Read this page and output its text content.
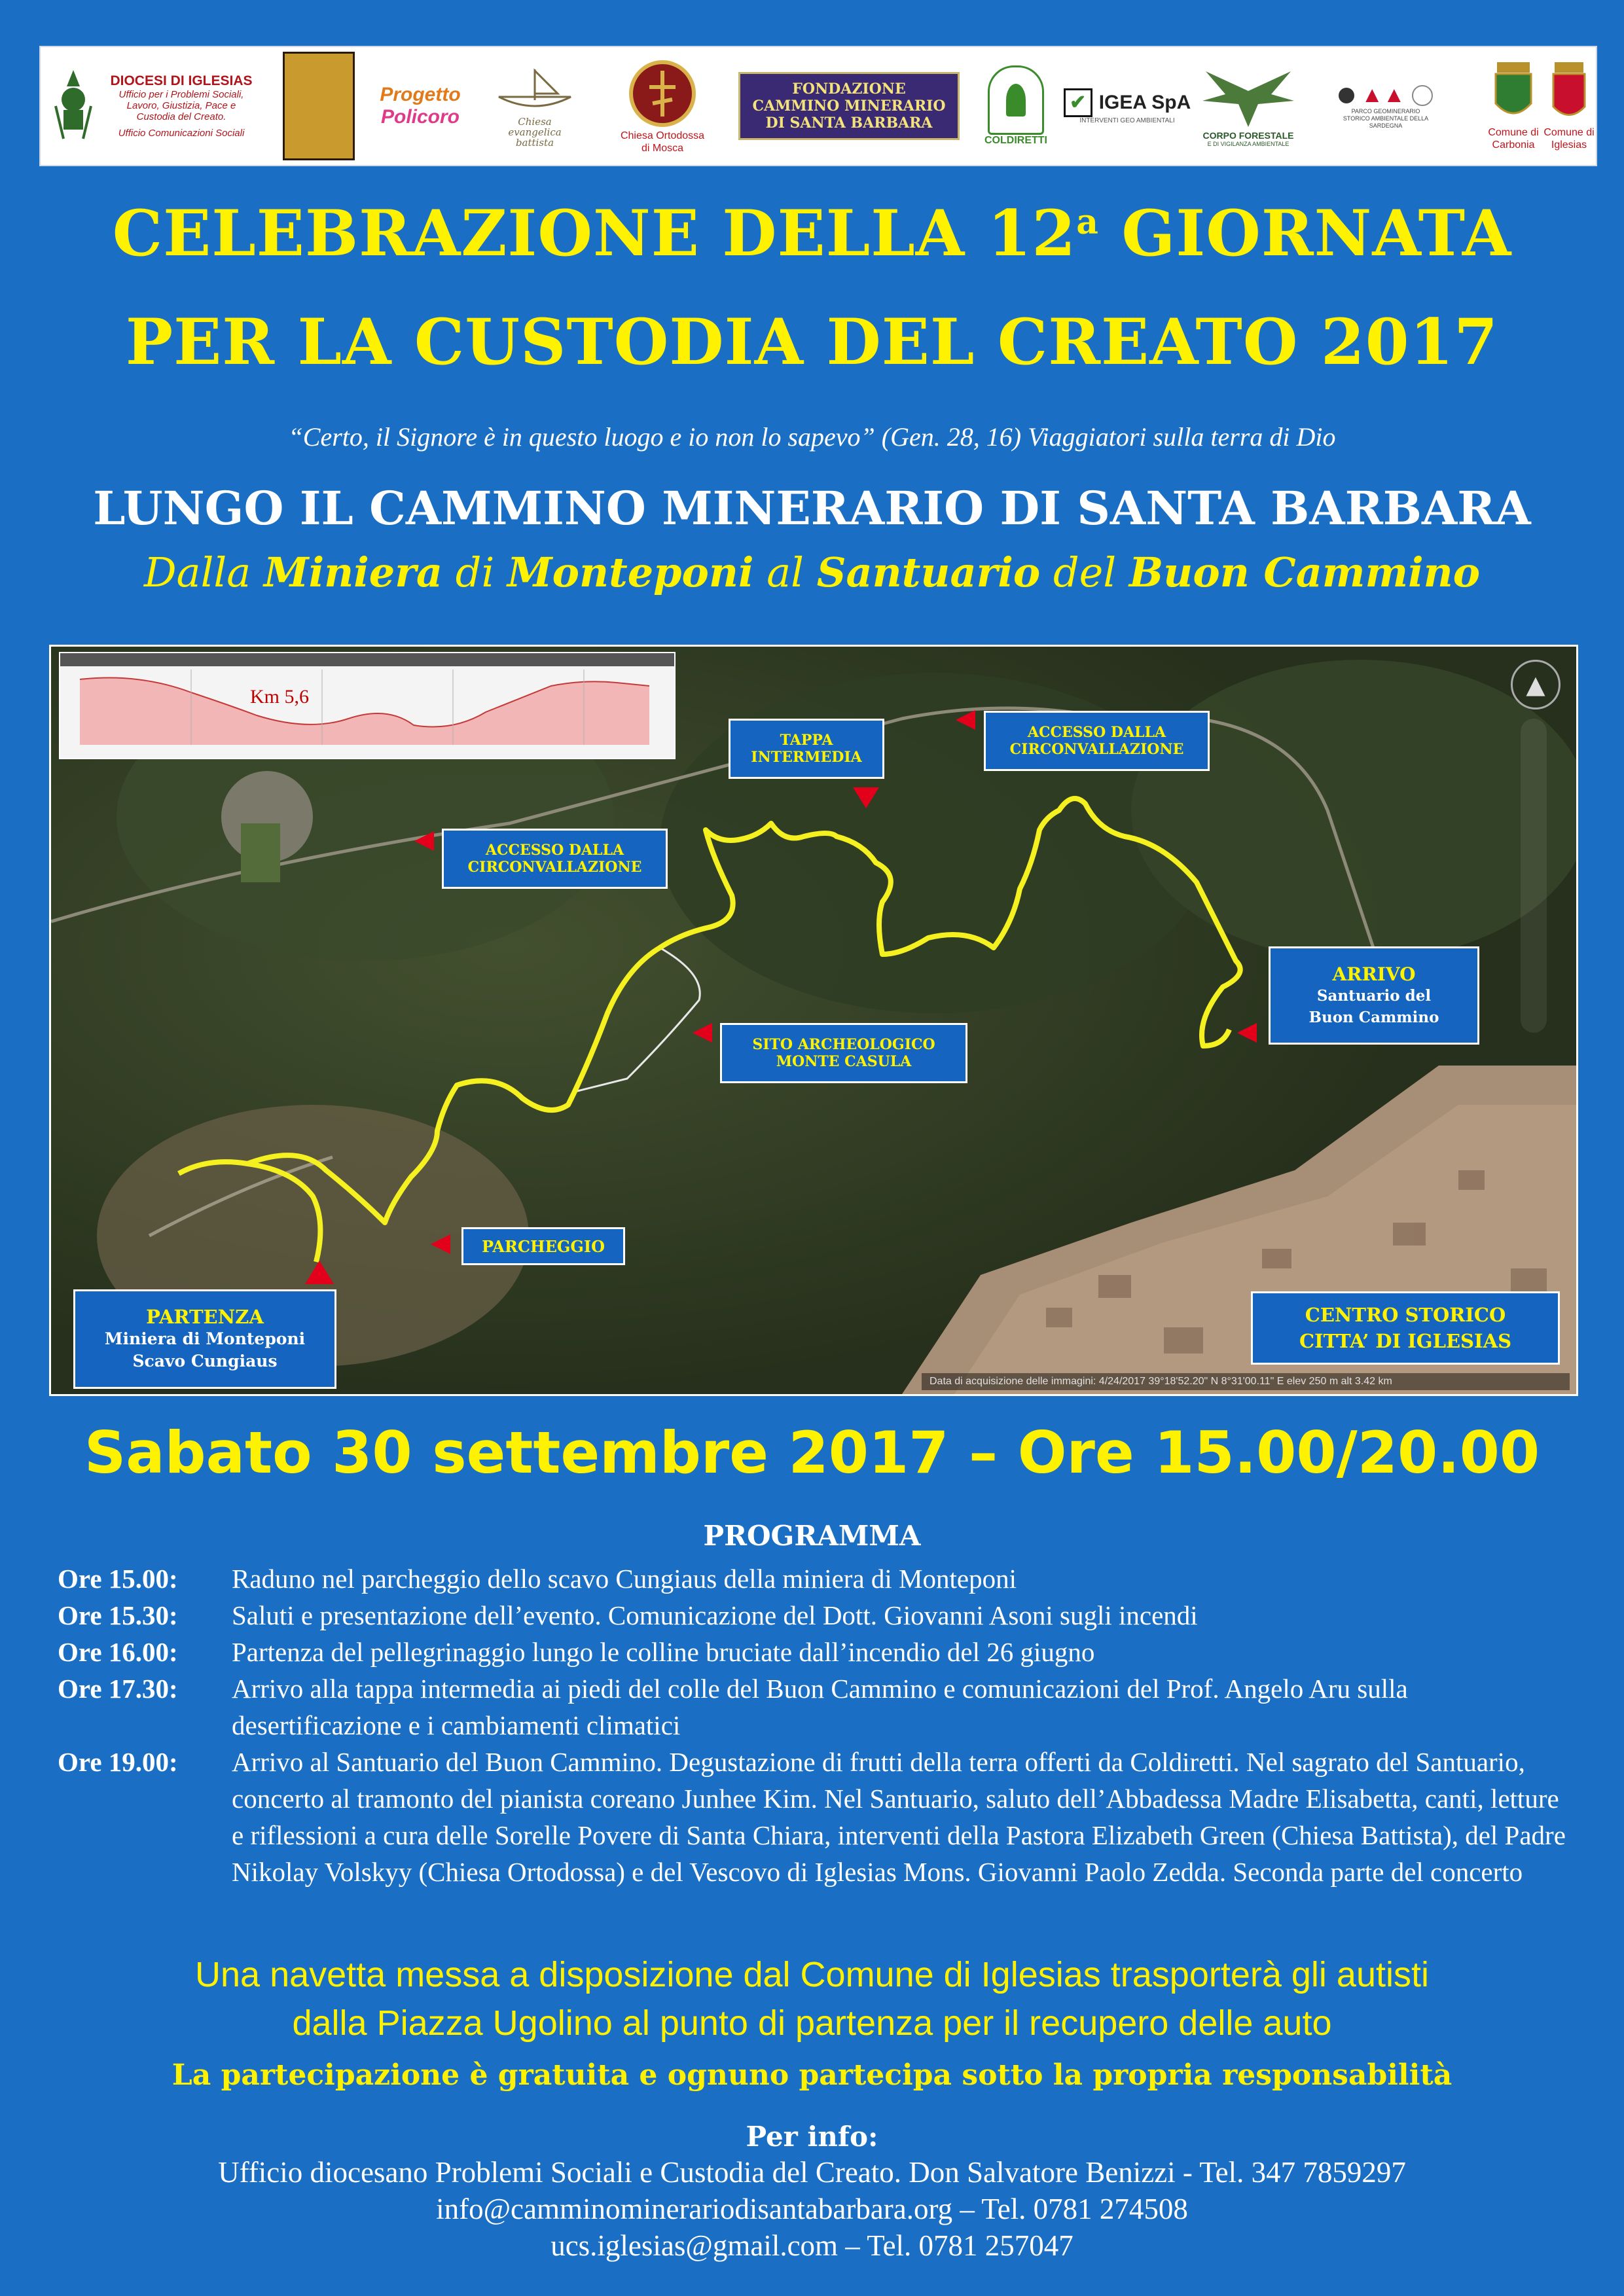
DIOCESI DI IGLESIAS
Ufficio per i Problemi Sociali,
Lavoro, Giustizia, Pace e
Custodia del Creato.
Ufficio Comunicazioni Sociali
Progetto
Policoro	Chiesa
evangelica
battista
Chiesa Ortodossa
di Mosca
FONDAZIONE
CAMMINO MINERARIO
DI SANTA BARBARA
COLDIRETTI
✔ IGEA SpA
INTERVENTI GEO AMBIENTALI
CORPO FORESTALE
E DI VIGILANZA AMBIENTALE
▲▲
PARCO GEOMINERARIO STORICO AMBIENTALE DELLA SARDEGNA
Comune di
Carbonia
Comune di
Iglesias
CELEBRAZIONE DELLA 12$^a$ GIORNATA
PER LA CUSTODIA DEL CREATO 2017
“Certo, il Signore è in questo luogo e io non lo sapevo” (Gen. 28, 16) Viaggiatori sulla terra di Dio
LUNGO IL CAMMINO MINERARIO DI SANTA BARBARA
Dalla Miniera di Monteponi al Santuario del Buon Cammino
Km 5,6	▲
TAPPA
INTERMEDIA
ACCESSO DALLA
CIRCONVALLAZIONE
ACCESSO DALLA
CIRCONVALLAZIONE
SITO ARCHEOLOGICO
MONTE CASULA
ARRIVO
Santuario del
Buon Cammino
PARCHEGGIO
PARTENZA
Miniera di Monteponi
Scavo Cungiaus
CENTRO STORICO
CITTA’ DI IGLESIAS
Data di acquisizione delle immagini: 4/24/2017 39°18'52.20" N 8°31'00.11" E elev 250 m alt 3.42 km
Sabato 30 settembre 2017 – Ore 15.00/20.00
PROGRAMMA
Ore 15.00:	Raduno nel parcheggio dello scavo Cungiaus della miniera di Monteponi
Ore 15.30:	Saluti e presentazione dell’evento. Comunicazione del Dott. Giovanni Asoni sugli incendi
Ore 16.00:	Partenza del pellegrinaggio lungo le colline bruciate dall’incendio del 26 giugno
Ore 17.30:	Arrivo alla tappa intermedia ai piedi del colle del Buon Cammino e comunicazioni del Prof. Angelo Aru sulla desertificazione e i cambiamenti climatici
Ore 19.00:	Arrivo al Santuario del Buon Cammino. Degustazione di frutti della terra offerti da Coldiretti. Nel sagrato del Santuario, concerto al tramonto del pianista coreano Junhee Kim. Nel Santuario, saluto dell’Abbadessa Madre Elisabetta, canti, letture e riflessioni a cura delle Sorelle Povere di Santa Chiara, interventi della Pastora Elizabeth Green (Chiesa Battista), del Padre Nikolay Volskyy (Chiesa Ortodossa) e del Vescovo di Iglesias Mons. Giovanni Paolo Zedda. Seconda parte del concerto
Una navetta messa a disposizione dal Comune di Iglesias trasporterà gli autisti
dalla Piazza Ugolino al punto di partenza per il recupero delle auto
La partecipazione è gratuita e ognuno partecipa sotto la propria responsabilità
Per info:
Ufficio diocesano Problemi Sociali e Custodia del Creato. Don Salvatore Benizzi - Tel. 347 7859297
info@camminominerariodisantabarbara.org – Tel. 0781 274508
ucs.iglesias@gmail.com – Tel. 0781 257047
